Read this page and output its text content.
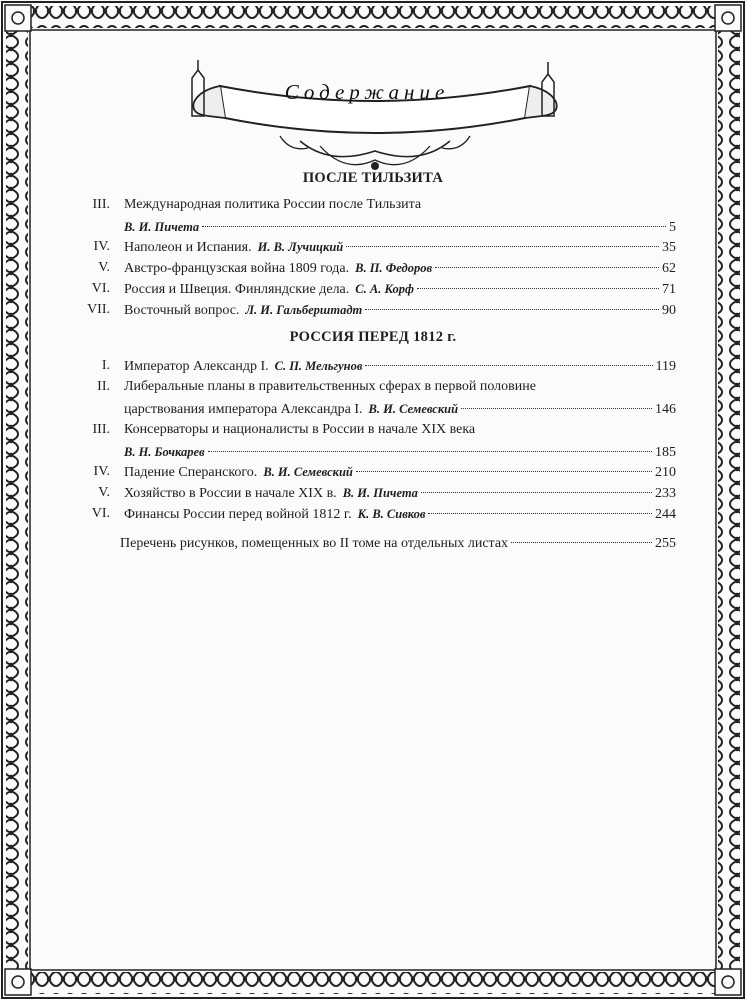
Содержание
ПОСЛЕ ТИЛЬЗИТА
III. Международная политика России после Тильзита
В. И. Пичета	5
IV. Наполеон и Испания. И. В. Лучицкий	35
V. Австро-французская война 1809 года. В. П. Федоров	62
VI. Россия и Швеция. Финляндские дела. С. А. Корф	71
VII. Восточный вопрос. Л. И. Гальберштадт	90
РОССИЯ ПЕРЕД 1812 г.
I. Император Александр I. С. П. Мельгунов	119
II. Либеральные планы в правительственных сферах в первой половине
царствования императора Александра I. В. И. Семевский	146
III. Консерваторы и националисты в России в начале XIX века
В. Н. Бочкарев	185
IV. Падение Сперанского. В. И. Семевский	210
V. Хозяйство в России в начале XIX в. В. И. Пичета	233
VI. Финансы России перед войной 1812 г. К. В. Сивков	244
Перечень рисунков, помещенных во II томе на отдельных листах	255
